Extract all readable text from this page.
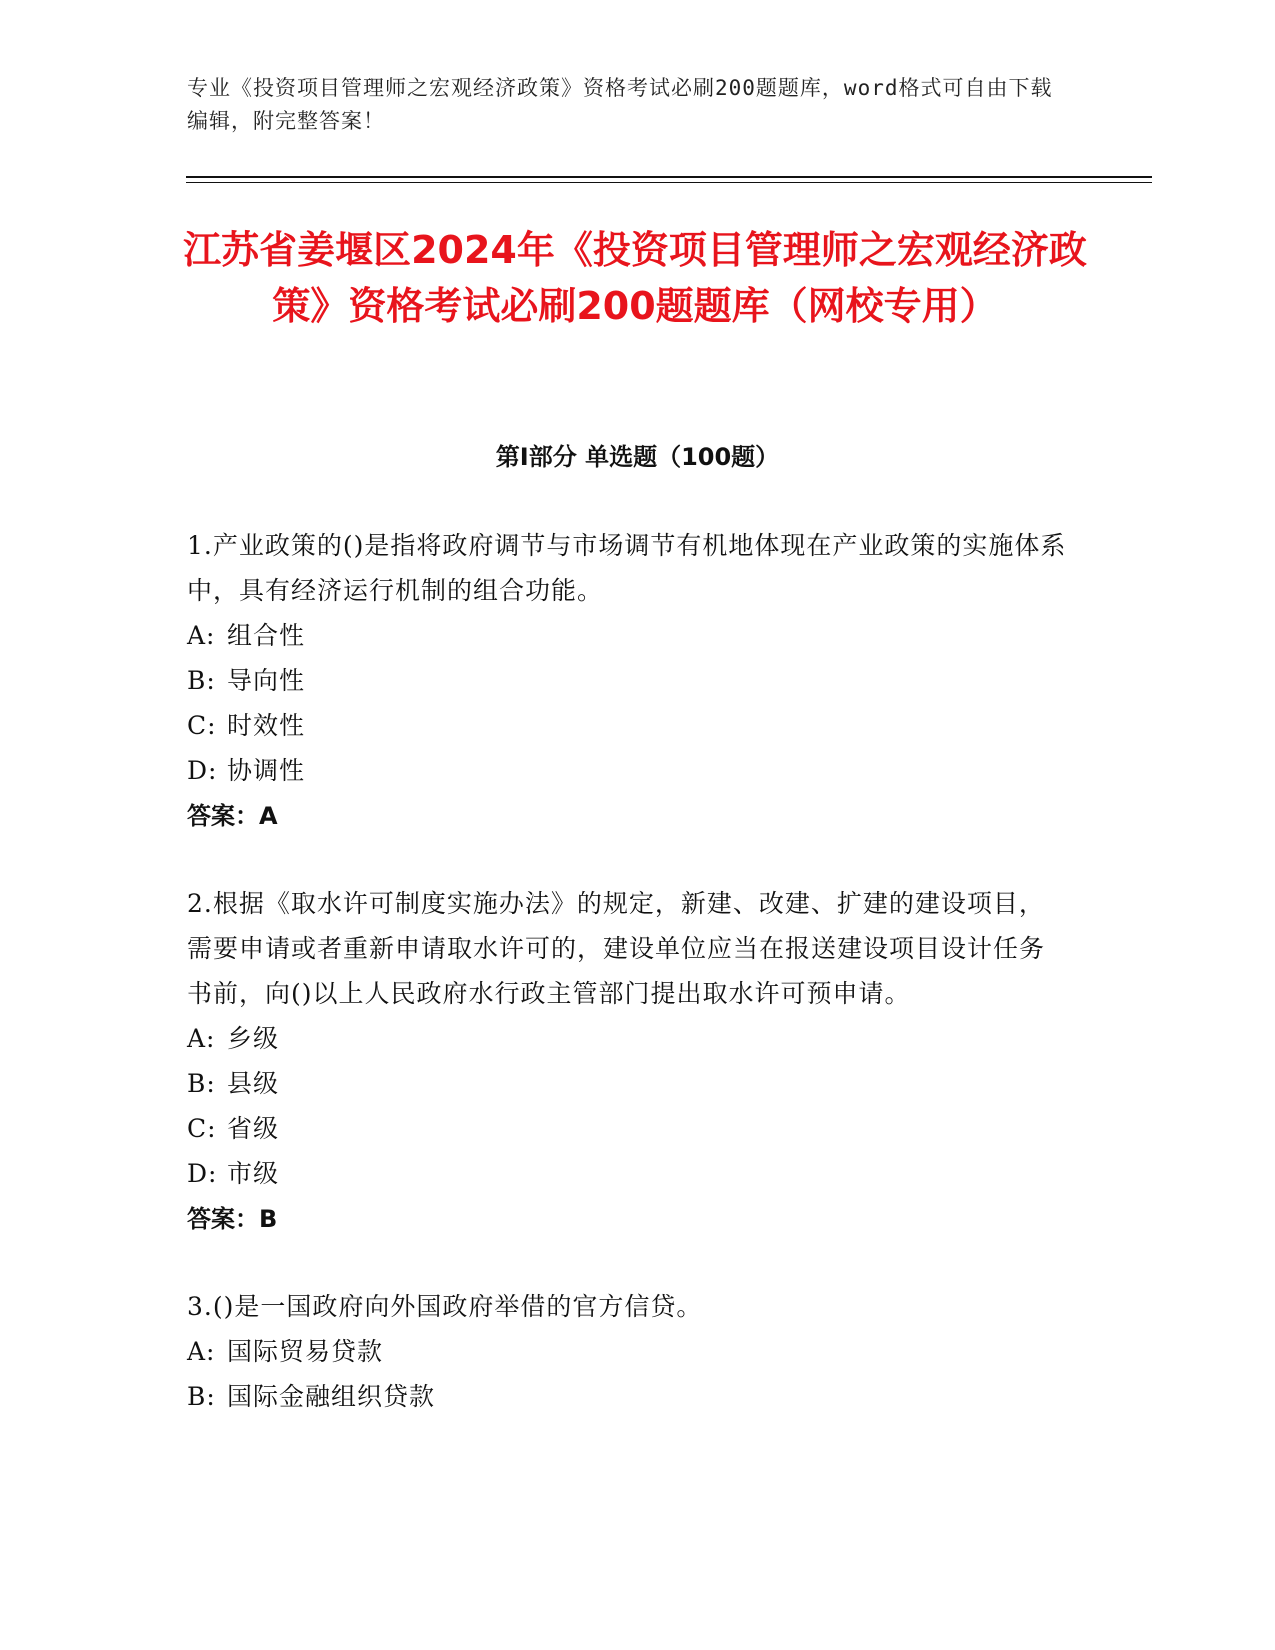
专业《投资项目管理师之宏观经济政策》资格考试必刷200题题库，word格式可自由下载编辑，附完整答案！
江苏省姜堰区2024年《投资项目管理师之宏观经济政策》资格考试必刷200题题库（网校专用）
第Ⅰ部分 单选题（100题）
1.产业政策的()是指将政府调节与市场调节有机地体现在产业政策的实施体系中，具有经济运行机制的组合功能。
A: 组合性
B: 导向性
C: 时效性
D: 协调性
答案：A
2.根据《取水许可制度实施办法》的规定，新建、改建、扩建的建设项目，需要申请或者重新申请取水许可的，建设单位应当在报送建设项目设计任务书前，向()以上人民政府水行政主管部门提出取水许可预申请。
A: 乡级
B: 县级
C: 省级
D: 市级
答案：B
3.()是一国政府向外国政府举借的官方信贷。
A: 国际贸易贷款
B: 国际金融组织贷款
